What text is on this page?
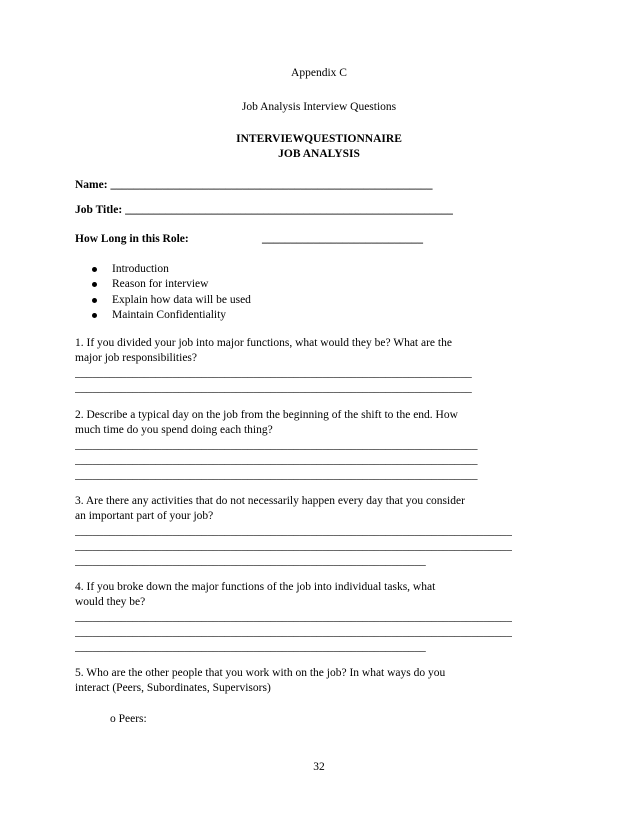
Appendix C
Job Analysis Interview Questions
INTERVIEWQUESTIONNAIRE
JOB ANALYSIS
Name: ________________________________________________________
Job Title: _________________________________________________________
How Long in this Role:	____________________________
Introduction
Reason for interview
Explain how data will be used
Maintain Confidentiality
1. If you divided your job into major functions, what would they be? What are the
major job responsibilities?
_____________________________________________________________________
_____________________________________________________________________
2. Describe a typical day on the job from the beginning of the shift to the end. How
much time do you spend doing each thing?
______________________________________________________________________
______________________________________________________________________
______________________________________________________________________
3. Are there any activities that do not necessarily happen every day that you consider
an important part of your job?
____________________________________________________________________________
____________________________________________________________________________
_____________________________________________________________
4. If you broke down the major functions of the job into individual tasks, what
would they be?
____________________________________________________________________________
____________________________________________________________________________
_____________________________________________________________
5. Who are the other people that you work with on the job? In what ways do you
interact (Peers, Subordinates, Supervisors)
o Peers:
32
